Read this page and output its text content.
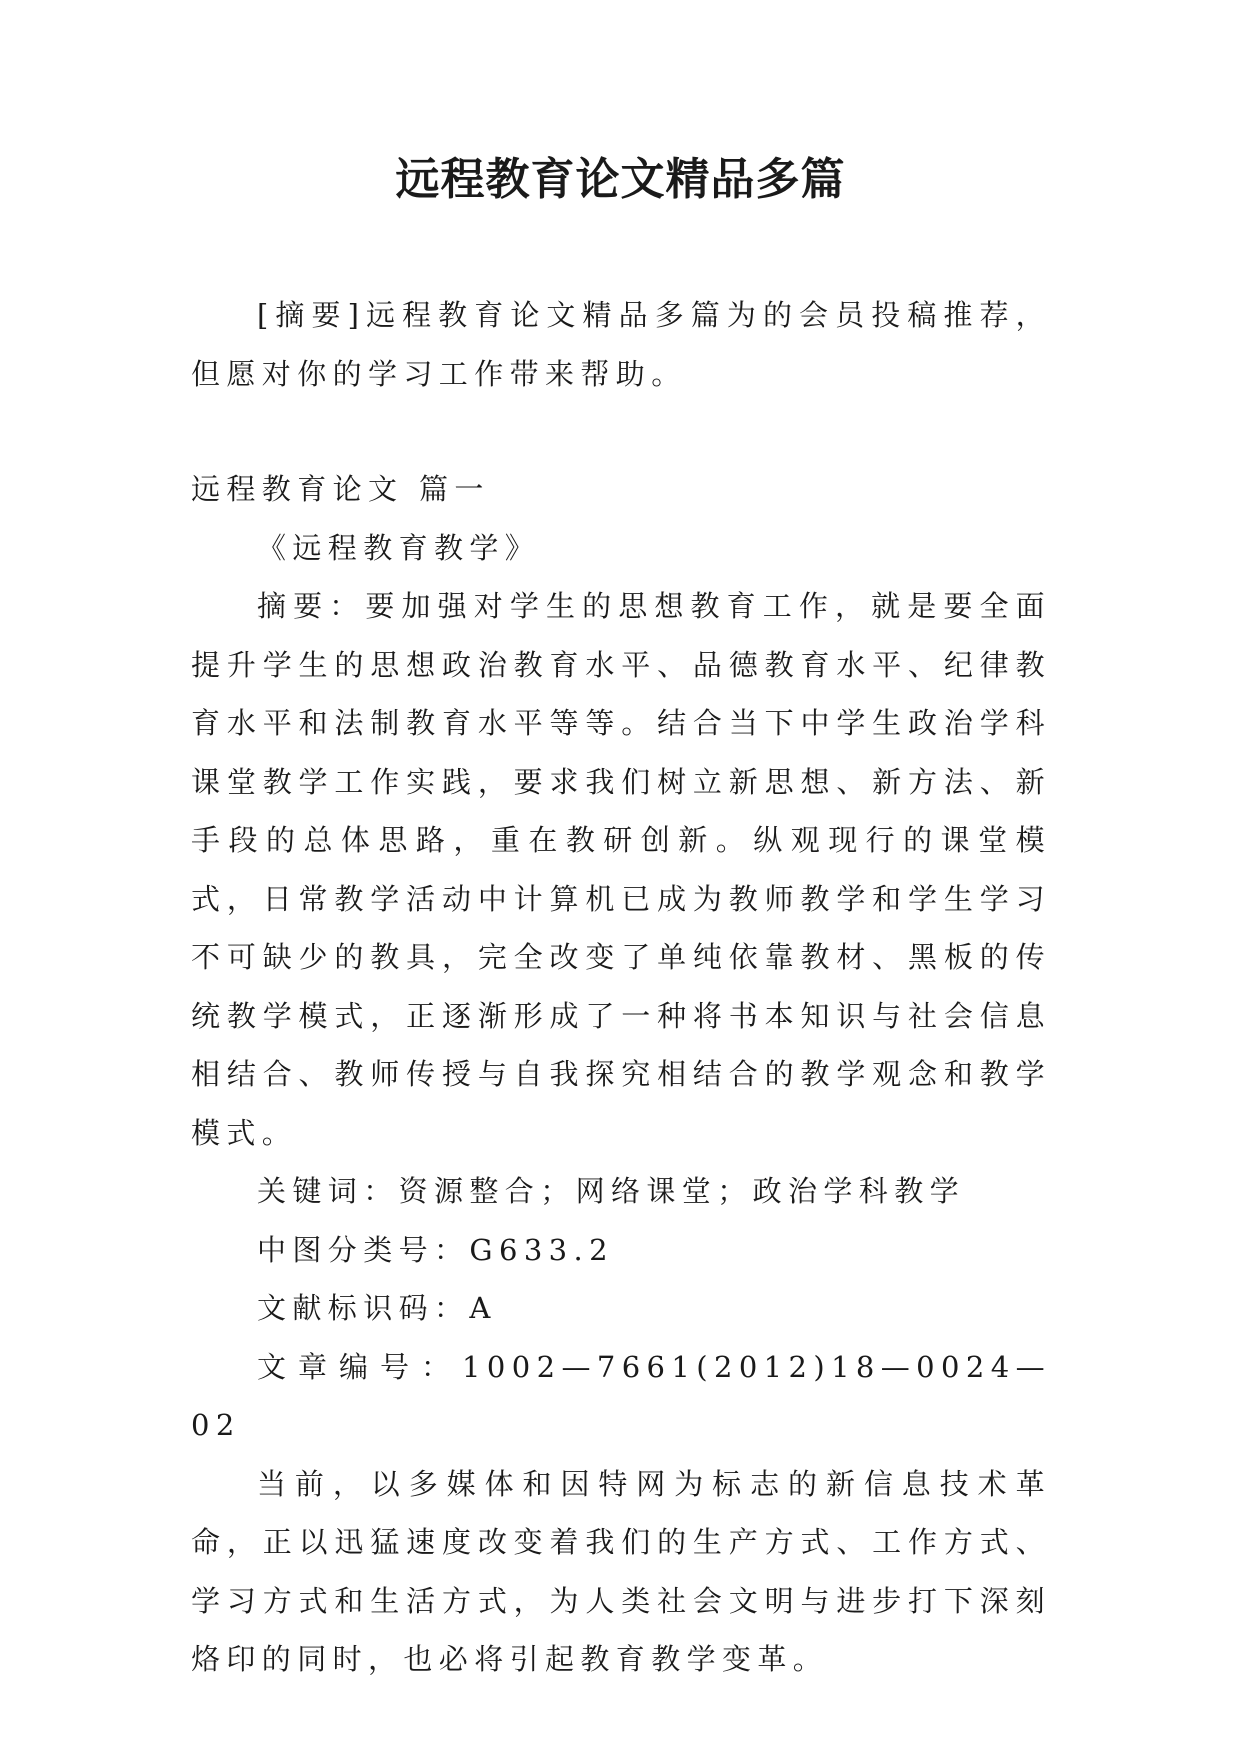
远程教育论文精品多篇

[摘要]远程教育论文精品多篇为的会员投稿推荐，但愿对你的学习工作带来帮助。

远程教育论文 篇一

《远程教育教学》

摘要：要加强对学生的思想教育工作，就是要全面提升学生的思想政治教育水平、品德教育水平、纪律教育水平和法制教育水平等等。结合当下中学生政治学科课堂教学工作实践，要求我们树立新思想、新方法、新手段的总体思路，重在教研创新。纵观现行的课堂模式，日常教学活动中计算机已成为教师教学和学生学习不可缺少的教具，完全改变了单纯依靠教材、黑板的传统教学模式，正逐渐形成了一种将书本知识与社会信息相结合、教师传授与自我探究相结合的教学观念和教学模式。

关键词：资源整合；网络课堂；政治学科教学

中图分类号：G633.2

文献标识码：A

文章编号：1002—7661(2012)18—0024—02

当前，以多媒体和因特网为标志的新信息技术革命，正以迅猛速度改变着我们的生产方式、工作方式、学习方式和生活方式，为人类社会文明与进步打下深刻烙印的同时，也必将引起教育教学变革。
